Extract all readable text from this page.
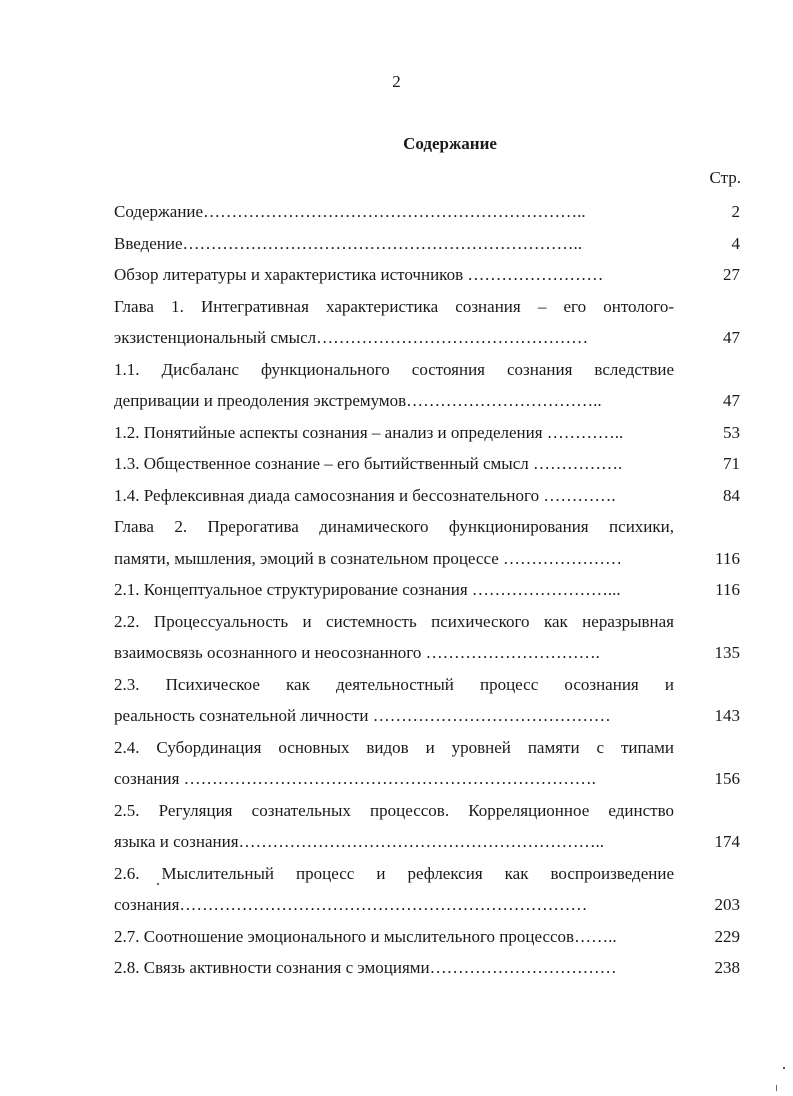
2
Содержание
Стр.
Содержание…………………………………………………………..	2
Введение……………………………………………………………..	4
Обзор литературы и характеристика источников ……………………	27
Глава 1. Интегративная характеристика сознания – его онтолого-
экзистенциональный смысл…………………………………………	47
1.1. Дисбаланс функционального состояния сознания вследствие
депривации и преодоления экстремумов……………………………..	47
1.2. Понятийные аспекты сознания – анализ и определения …………..	53
1.3. Общественное сознание – его бытийственный смысл …………….	71
1.4. Рефлексивная диада самосознания и бессознательного ………….	84
Глава 2. Прерогатива динамического функционирования психики,
памяти, мышления, эмоций в сознательном процессе …………………	116
2.1. Концептуальное структурирование сознания ……………………...	116
2.2. Процессуальность и системность психического как неразрывная
взаимосвязь осознанного и неосознанного ………………………….	135
2.3. Психическое как деятельностный процесс осознания и
реальность сознательной личности ……………………………………	143
2.4. Субординация основных видов и уровней памяти с типами
сознания ……………………………………………………………….	156
2.5. Регуляция сознательных процессов. Корреляционное единство
языка и сознания………………………………………………………..	174
2.6. Мыслительный процесс и рефлексия как воспроизведение
сознания………………………………………………………………	203
2.7. Соотношение эмоционального и мыслительного процессов……..	229
2.8. Связь активности сознания с эмоциями……………………………	238
